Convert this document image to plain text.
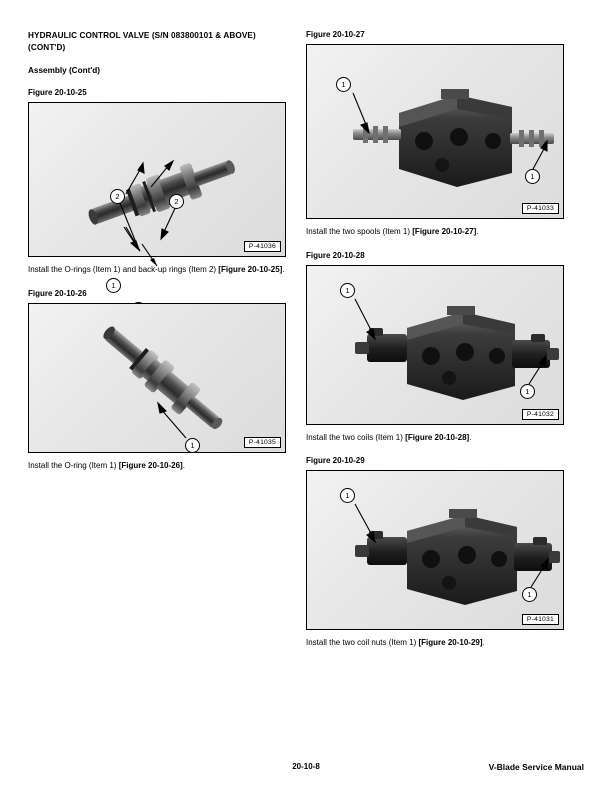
HYDRAULIC CONTROL VALVE (S/N 083800101 & ABOVE) (CONT'D)
Assembly (Cont'd)
Figure 20-10-25
2
2
1
P-41036
Install the O-rings (Item 1) and back-up rings (Item 2) [Figure 20-10-25].
Figure 20-10-26
1	P-41035
Install the O-ring (Item 1) [Figure 20-10-26].
Figure 20-10-27
1
1
P-41033
Install the two spools (Item 1) [Figure 20-10-27].
Figure 20-10-28
1
1
P-41032
Install the two coils (Item 1) [Figure 20-10-28].
Figure 20-10-29
1
1
P-41031
Install the two coil nuts (Item 1) [Figure 20-10-29].
20-10-8	V-Blade Service Manual
